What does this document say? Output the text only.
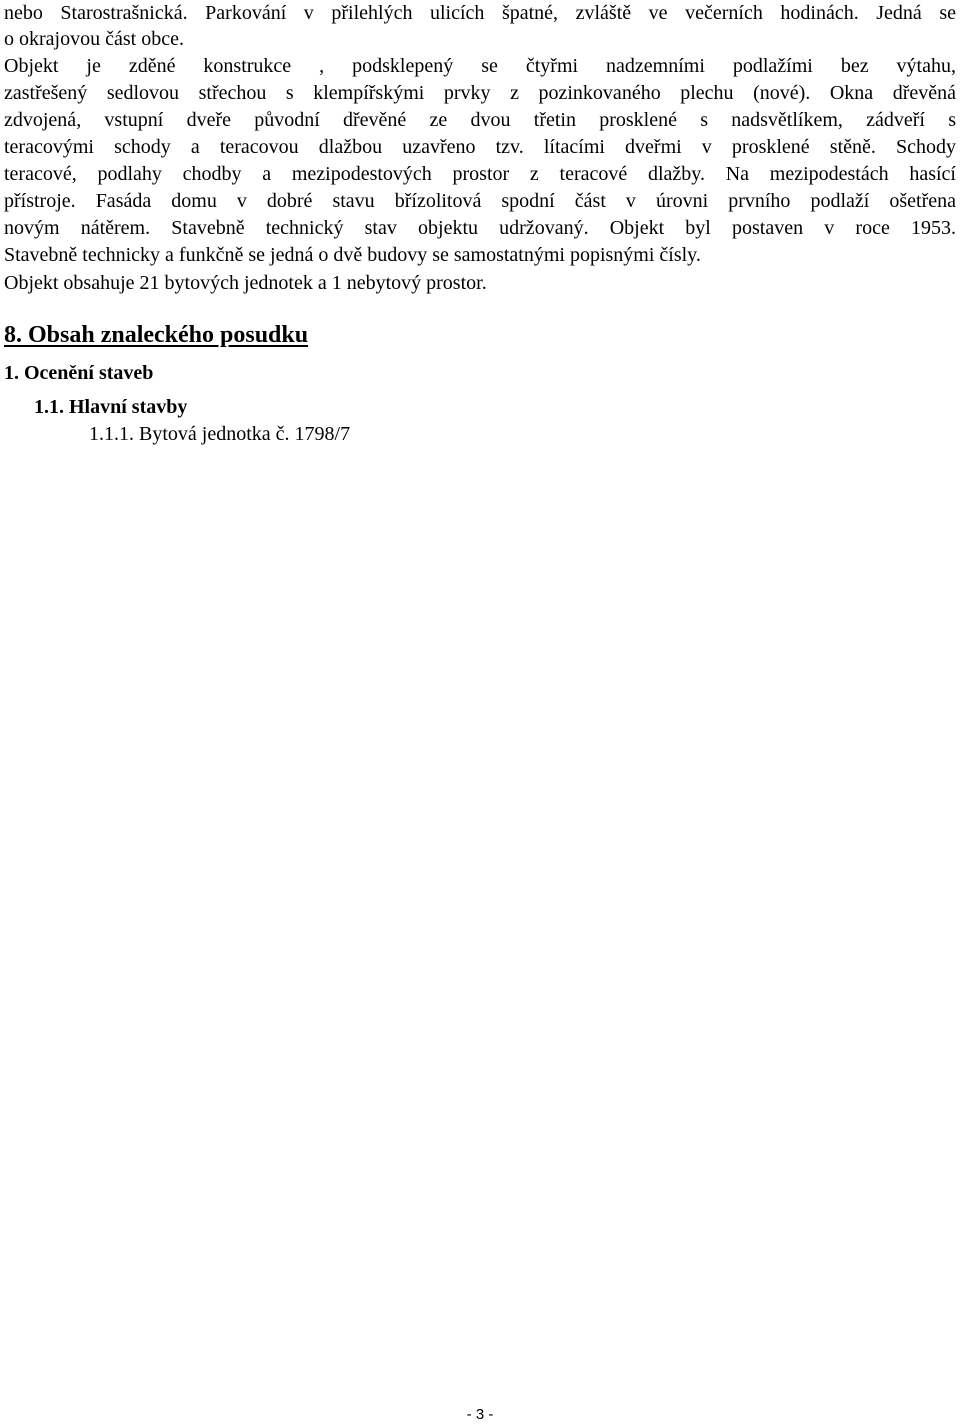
nebo Starostrašnická. Parkování v přilehlých ulicích špatné, zvláště ve večerních hodinách. Jedná se
o okrajovou část obce.
Objekt je zděné konstrukce , podsklepený se čtyřmi nadzemními podlažími bez výtahu,
zastřešený sedlovou střechou s klempířskými prvky z pozinkovaného plechu (nové). Okna dřevěná
zdvojená, vstupní dveře původní dřevěné ze dvou třetin prosklené s nadsvětlíkem, zádveří s
teracovými schody a teracovou dlažbou uzavřeno tzv. lítacími dveřmi v prosklené stěně. Schody
teracové, podlahy chodby a mezipodestových prostor z teracové dlažby. Na mezipodestách hasící
přístroje. Fasáda domu v dobré stavu břízolitová spodní část v úrovni prvního podlaží ošetřena
novým nátěrem. Stavebně technický stav objektu udržovaný. Objekt byl postaven v roce 1953.
Stavebně technicky a funkčně se jedná o dvě budovy se samostatnými popisnými čísly.
Objekt obsahuje 21 bytových jednotek a 1 nebytový prostor.
8. Obsah znaleckého posudku
1. Ocenění staveb
1.1. Hlavní stavby
1.1.1. Bytová jednotka č. 1798/7
- 3 -
